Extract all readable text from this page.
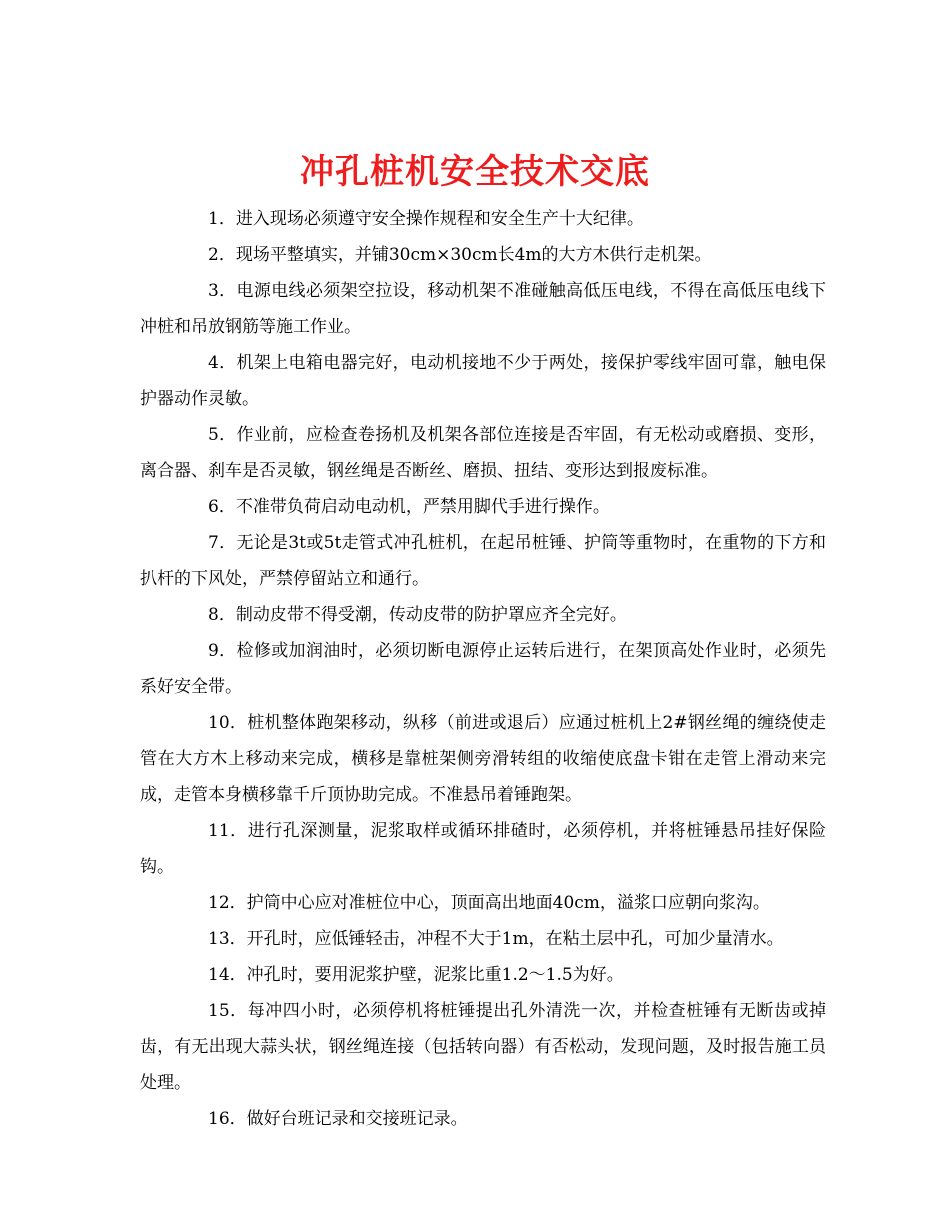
冲孔桩机安全技术交底

1．进入现场必须遵守安全操作规程和安全生产十大纪律。

2．现场平整填实，并铺30cm×30cm长4m的大方木供行走机架。

3．电源电线必须架空拉设，移动机架不准碰触高低压电线，不得在高低压电线下冲桩和吊放钢筋等施工作业。

4．机架上电箱电器完好，电动机接地不少于两处，接保护零线牢固可靠，触电保护器动作灵敏。

5．作业前，应检查卷扬机及机架各部位连接是否牢固，有无松动或磨损、变形，离合器、刹车是否灵敏，钢丝绳是否断丝、磨损、扭结、变形达到报废标准。

6．不准带负荷启动电动机，严禁用脚代手进行操作。

7．无论是3t或5t走管式冲孔桩机，在起吊桩锤、护筒等重物时，在重物的下方和扒杆的下风处，严禁停留站立和通行。

8．制动皮带不得受潮，传动皮带的防护罩应齐全完好。

9．检修或加润油时，必须切断电源停止运转后进行，在架顶高处作业时，必须先系好安全带。

10．桩机整体跑架移动，纵移（前进或退后）应通过桩机上2#钢丝绳的缠绕使走管在大方木上移动来完成，横移是靠桩架侧旁滑转组的收缩使底盘卡钳在走管上滑动来完成，走管本身横移靠千斤顶协助完成。不准悬吊着锤跑架。

11．进行孔深测量，泥浆取样或循环排碴时，必须停机，并将桩锤悬吊挂好保险钩。

12．护筒中心应对准桩位中心，顶面高出地面40cm，溢浆口应朝向浆沟。

13．开孔时，应低锤轻击，冲程不大于1m，在粘土层中孔，可加少量清水。

14．冲孔时，要用泥浆护壁，泥浆比重1.2～1.5为好。

15．每冲四小时，必须停机将桩锤提出孔外清洗一次，并检查桩锤有无断齿或掉齿，有无出现大蒜头状，钢丝绳连接（包括转向器）有否松动，发现问题，及时报告施工员处理。

16．做好台班记录和交接班记录。
